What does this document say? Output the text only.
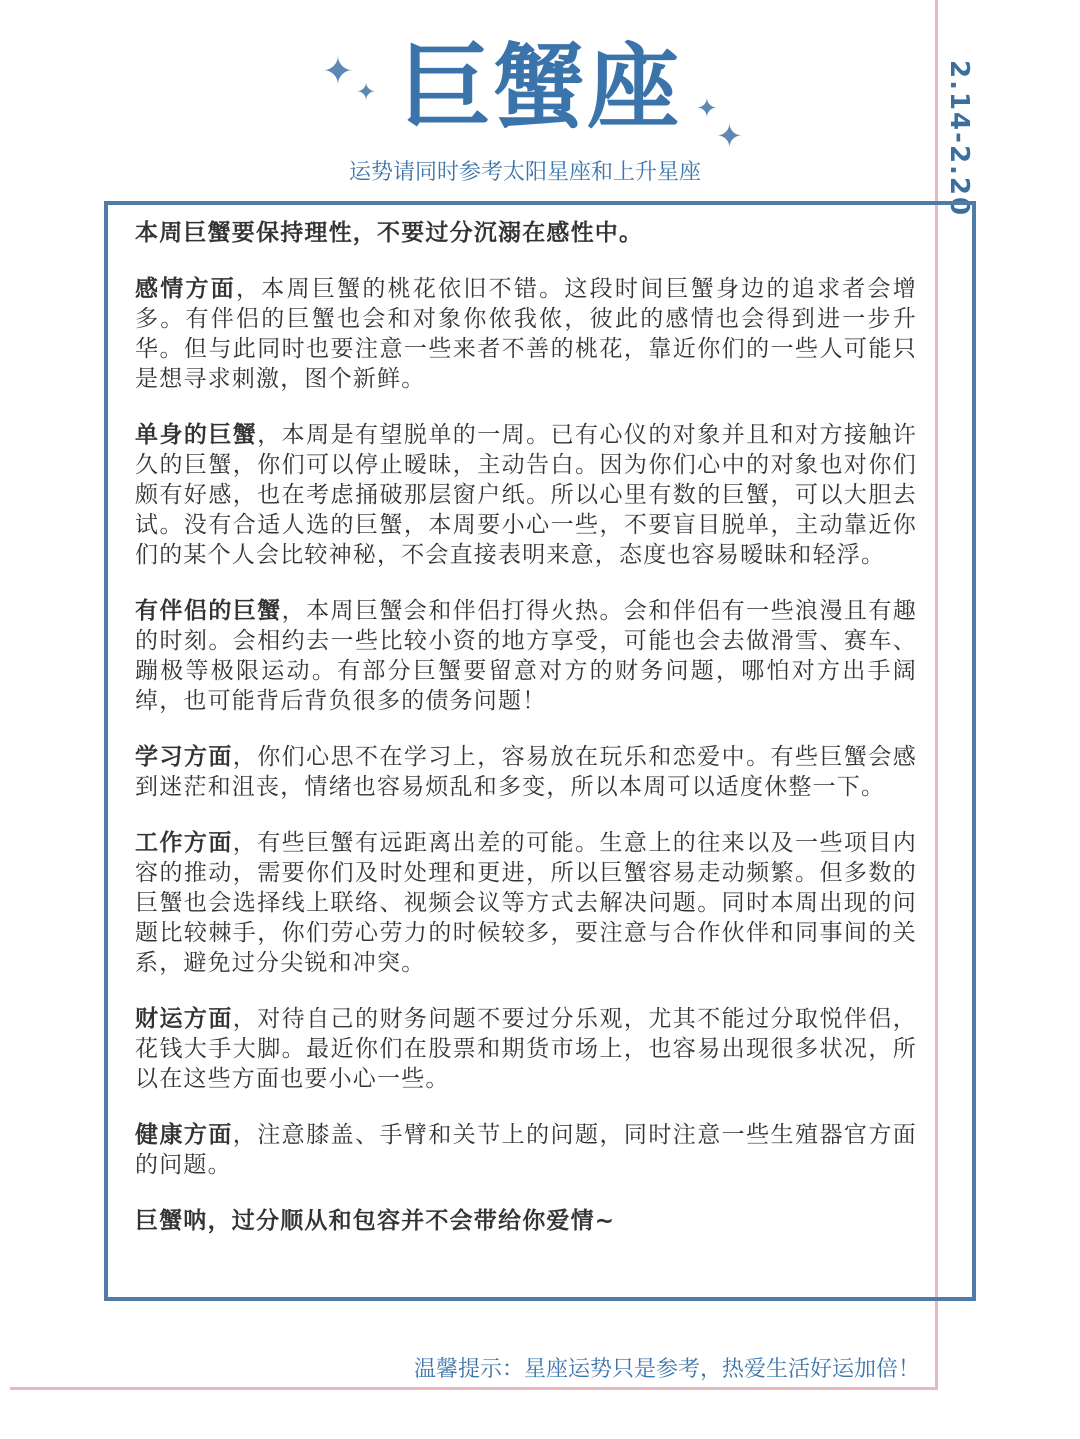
✦ ✦
✦
✦
巨蟹座
运势请同时参考太阳星座和上升星座	2.14-2.20

本周巨蟹要保持理性，不要过分沉溺在感性中。

感情方面，本周巨蟹的桃花依旧不错。这段时间巨蟹身边的追求者会增多。有伴侣的巨蟹也会和对象你侬我侬，彼此的感情也会得到进一步升华。但与此同时也要注意一些来者不善的桃花，靠近你们的一些人可能只是想寻求刺激，图个新鲜。

单身的巨蟹，本周是有望脱单的一周。已有心仪的对象并且和对方接触许久的巨蟹，你们可以停止暧昧，主动告白。因为你们心中的对象也对你们颇有好感，也在考虑捅破那层窗户纸。所以心里有数的巨蟹，可以大胆去试。没有合适人选的巨蟹，本周要小心一些，不要盲目脱单，主动靠近你们的某个人会比较神秘，不会直接表明来意，态度也容易暧昧和轻浮。

有伴侣的巨蟹，本周巨蟹会和伴侣打得火热。会和伴侣有一些浪漫且有趣的时刻。会相约去一些比较小资的地方享受，可能也会去做滑雪、赛车、蹦极等极限运动。有部分巨蟹要留意对方的财务问题，哪怕对方出手阔绰，也可能背后背负很多的债务问题！

学习方面，你们心思不在学习上，容易放在玩乐和恋爱中。有些巨蟹会感到迷茫和沮丧，情绪也容易烦乱和多变，所以本周可以适度休整一下。

工作方面，有些巨蟹有远距离出差的可能。生意上的往来以及一些项目内容的推动，需要你们及时处理和更进，所以巨蟹容易走动频繁。但多数的巨蟹也会选择线上联络、视频会议等方式去解决问题。同时本周出现的问题比较棘手，你们劳心劳力的时候较多，要注意与合作伙伴和同事间的关系，避免过分尖锐和冲突。

财运方面，对待自己的财务问题不要过分乐观，尤其不能过分取悦伴侣，花钱大手大脚。最近你们在股票和期货市场上，也容易出现很多状况，所以在这些方面也要小心一些。

健康方面，注意膝盖、手臂和关节上的问题，同时注意一些生殖器官方面的问题。

巨蟹呐，过分顺从和包容并不会带给你爱情~

温馨提示：星座运势只是参考，热爱生活好运加倍！
